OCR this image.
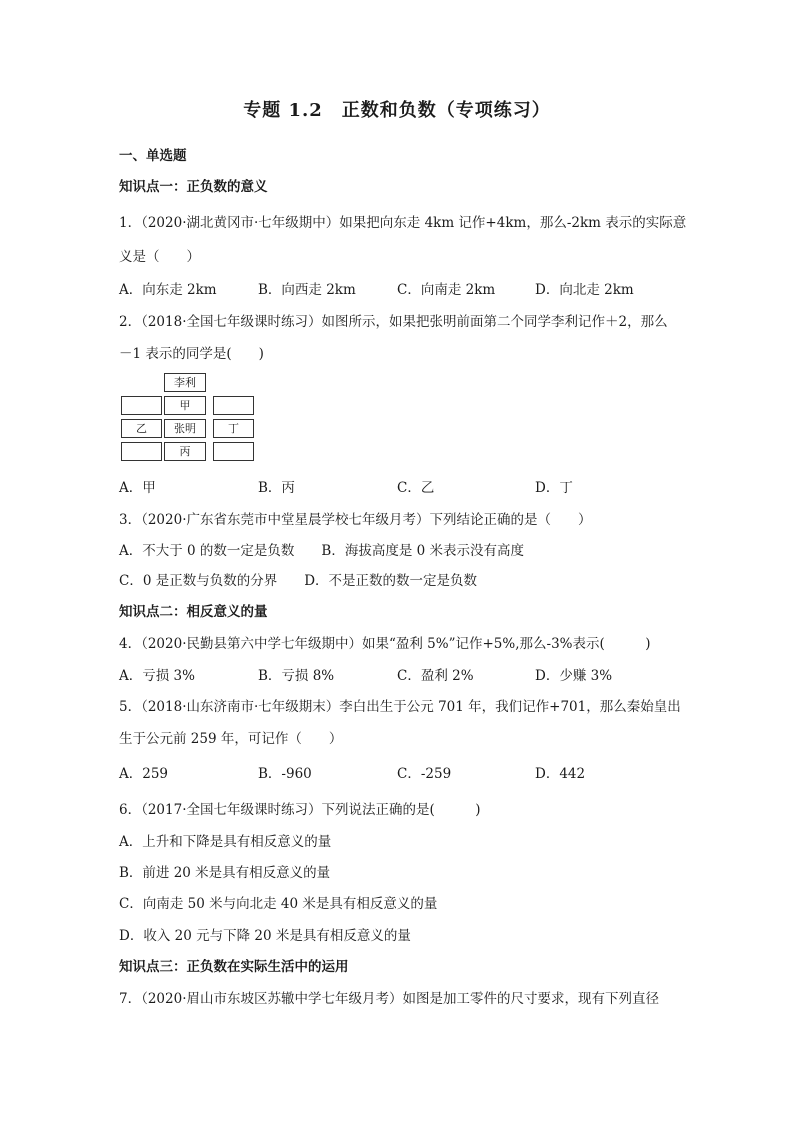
专题 1.2　正数和负数（专项练习）
一、单选题
知识点一：正负数的意义
1．（2020·湖北黄冈市·七年级期中）如果把向东走 4km 记作+4km，那么-2km 表示的实际意
义是（　　）
A．向东走 2km	B．向西走 2km	C．向南走 2km	D．向北走 2km
2．（2018·全国七年级课时练习）如图所示，如果把张明前面第二个同学李利记作＋2，那么
－1 表示的同学是(　　)
李利
甲
乙	张明	丁
丙
A．甲	B．丙	C．乙	D．丁
3．（2020·广东省东莞市中堂星晨学校七年级月考）下列结论正确的是（　　）
A．不大于 0 的数一定是负数　　B．海拔高度是 0 米表示没有高度
C．0 是正数与负数的分界　　D．不是正数的数一定是负数
知识点二：相反意义的量
4．（2020·民勤县第六中学七年级期中）如果“盈利 5%”记作+5%,那么-3%表示(　　　)
A．亏损 3%	B．亏损 8%	C．盈利 2%	D．少赚 3%
5．（2018·山东济南市·七年级期末）李白出生于公元 701 年，我们记作+701，那么秦始皇出
生于公元前 259 年，可记作（　　）
A．259	B．-960	C．-259	D．442
6．（2017·全国七年级课时练习）下列说法正确的是(　　　)
A．上升和下降是具有相反意义的量
B．前进 20 米是具有相反意义的量
C．向南走 50 米与向北走 40 米是具有相反意义的量
D．收入 20 元与下降 20 米是具有相反意义的量
知识点三：正负数在实际生活中的运用
7．（2020·眉山市东坡区苏辙中学七年级月考）如图是加工零件的尺寸要求，现有下列直径
